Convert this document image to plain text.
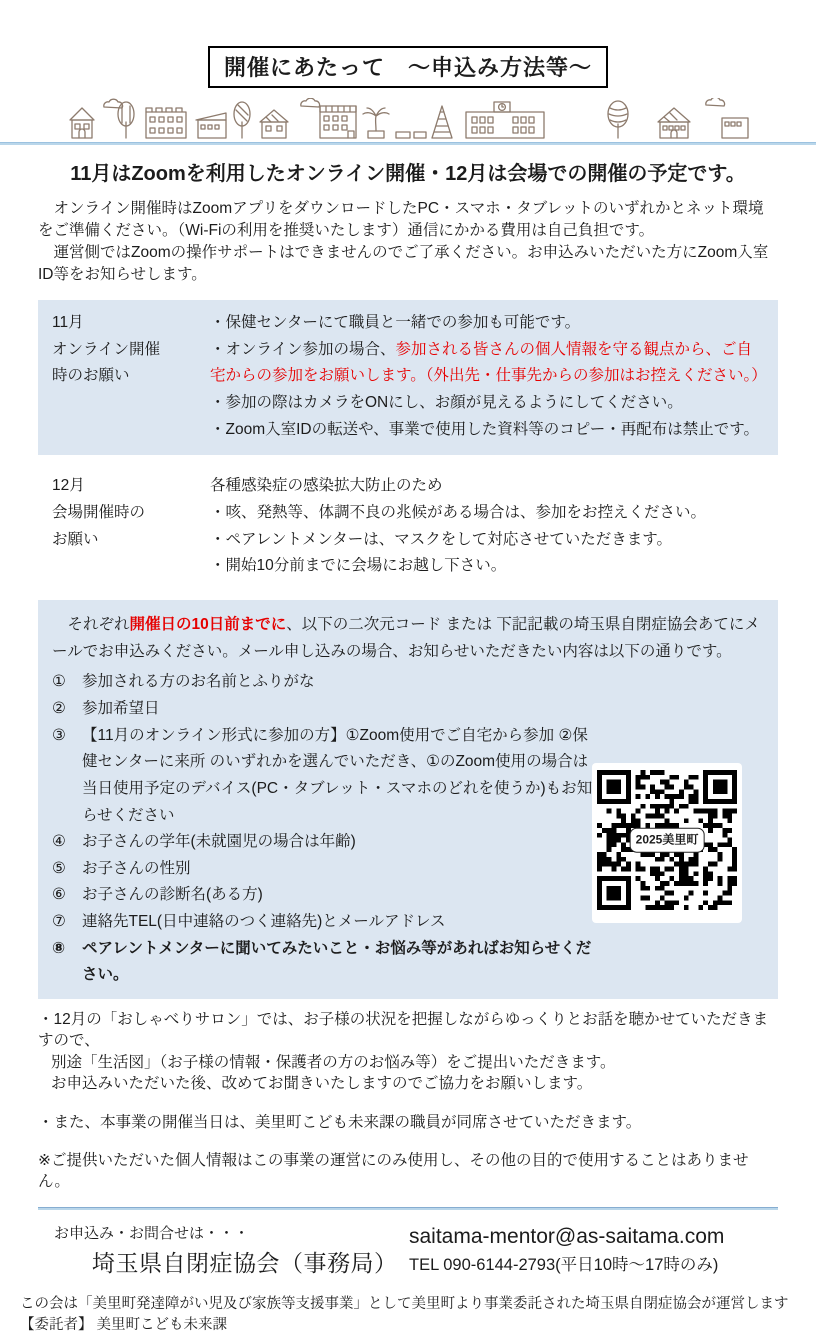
開催にあたって　～申込み方法等～
11月はZoomを利用したオンライン開催・12月は会場での開催の予定です。
　オンライン開催時はZoomアプリをダウンロードしたPC・スマホ・タブレットのいずれかとネット環境をご準備ください。（Wi-Fiの利用を推奨いたします）通信にかかる費用は自己負担です。
　運営側ではZoomの操作サポートはできませんのでご了承ください。お申込みいただいた方にZoom入室ID等をお知らせします。
11月
オンライン開催
時のお願い
・保健センターにて職員と一緒での参加も可能です。
・オンライン参加の場合、参加される皆さんの個人情報を守る観点から、ご自宅からの参加をお願いします。（外出先・仕事先からの参加はお控えください。）
・参加の際はカメラをONにし、お顔が見えるようにしてください。
・Zoom入室IDの転送や、事業で使用した資料等のコピー・再配布は禁止です。
12月
会場開催時の
お願い
各種感染症の感染拡大防止のため
・咳、発熱等、体調不良の兆候がある場合は、参加をお控えください。
・ペアレントメンターは、マスクをして対応させていただきます。
・開始10分前までに会場にお越し下さい。
　それぞれ開催日の10日前までに、以下の二次元コード または 下記記載の埼玉県自閉症協会あてにメールでお申込みください。メール申し込みの場合、お知らせいただきたい内容は以下の通りです。
①	参加される方のお名前とふりがな
②	参加希望日
③	【11月のオンライン形式に参加の方】①Zoom使用でご自宅から参加 ②保健センターに来所 のいずれかを選んでいただき、①のZoom使用の場合は当日使用予定のデバイス(PC・タブレット・スマホのどれを使うか)もお知らせください
④	お子さんの学年(未就園児の場合は年齢)
⑤	お子さんの性別
⑥	お子さんの診断名(ある方)
⑦	連絡先TEL(日中連絡のつく連絡先)とメールアドレス
⑧	ペアレントメンターに聞いてみたいこと・お悩み等があればお知らせください。
2025美里町
・12月の「おしゃべりサロン」では、お子様の状況を把握しながらゆっくりとお話を聴かせていただきますので、
別途「生活図」（お子様の情報・保護者の方のお悩み等）をご提出いただきます。
お申込みいただいた後、改めてお聞きいたしますのでご協力をお願いします。
・また、本事業の開催当日は、美里町こども未来課の職員が同席させていただきます。
※ご提供いただいた個人情報はこの事業の運営にのみ使用し、その他の目的で使用することはありません。
お申込み・お問合せは・・・
埼玉県自閉症協会（事務局）
saitama-mentor@as-saitama.com
TEL 090-6144-2793(平日10時～17時のみ)
この会は「美里町発達障がい児及び家族等支援事業」として美里町より事業委託された埼玉県自閉症協会が運営します
【委託者】 美里町こども未来課
